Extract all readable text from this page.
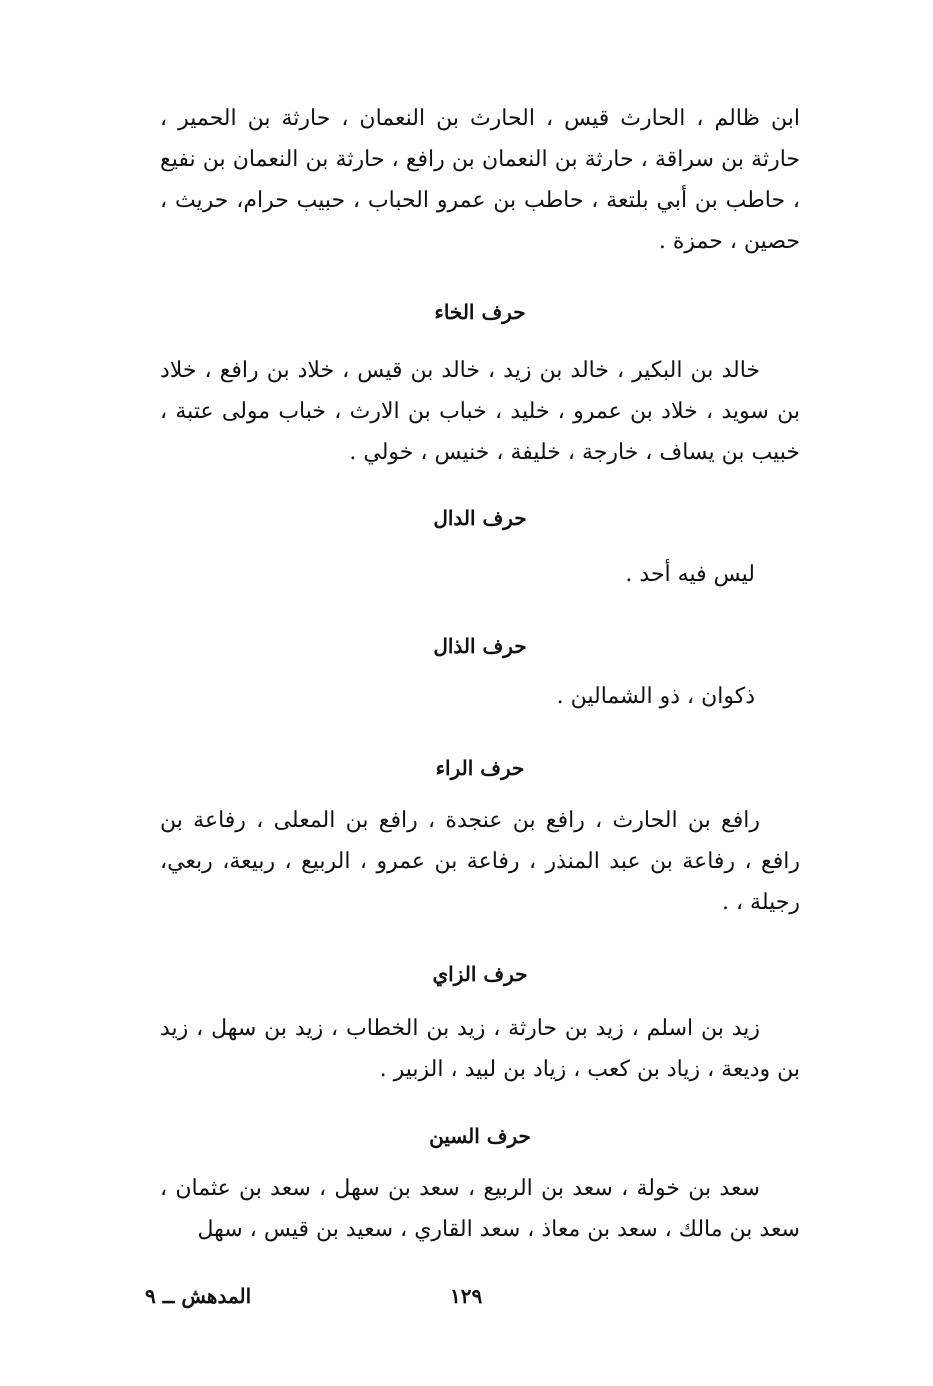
ابن ظالم ، الحارث قيس ، الحارث بن النعمان ، حارثة بن الحمير ، حارثة بن سراقة ، حارثة بن النعمان بن رافع ، حارثة بن النعمان بن نفيع ، حاطب بن أبي بلتعة ، حاطب بن عمرو الحباب ، حبيب حرام، حريث ، حصين ، حمزة .

حرف الخاء

خالد بن البكير ، خالد بن زيد ، خالد بن قيس ، خلاد بن رافع ، خلاد بن سويد ، خلاد بن عمرو ، خليد ، خباب بن الارث ، خباب مولى عتبة ، خبيب بن يساف ، خارجة ، خليفة ، خنيس ، خولي .

حرف الدال
ليس فيه أحد .
حرف الذال
ذكوان ، ذو الشمالين .
حرف الراء

رافع بن الحارث ، رافع بن عنجدة ، رافع بن المعلى ، رفاعة بن رافع ، رفاعة بن عبد المنذر ، رفاعة بن عمرو ، الربيع ، ربيعة، ربعي، رجيلة ، .

حرف الزاي

زيد بن اسلم ، زيد بن حارثة ، زيد بن الخطاب ، زيد بن سهل ، زيد بن وديعة ، زياد بن كعب ، زياد بن لبيد ، الزبير .

حرف السين

سعد بن خولة ، سعد بن الربيع ، سعد بن سهل ، سعد بن عثمان ، سعد بن مالك ، سعد بن معاذ ، سعد القاري ، سعيد بن قيس ، سهل

١٢٩
المدهش ــ ٩
